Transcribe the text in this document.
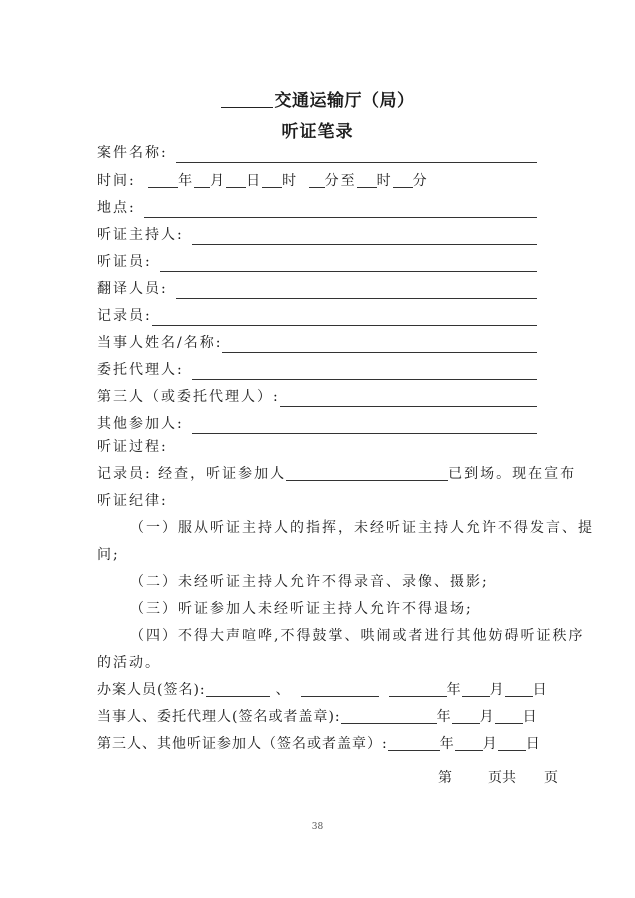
交通运输厅（局）
听证笔录
案件名称:
时间:	年 月 日 时 分至 时 分
地点:
听证主持人:
听证员:
翻译人员:
记录员:
当事人姓名/名称:
委托代理人:
第三人（或委托代理人）:
其他参加人:
听证过程:
记录员: 经查，听证参加人	已到场。现在宣布
听证纪律:
（一）服从听证主持人的指挥，未经听证主持人允许不得发言、提
问;
（二）未经听证主持人允许不得录音、录像、摄影;
（三）听证参加人未经听证主持人允许不得退场;
（四）不得大声喧哗,不得鼓掌、哄闹或者进行其他妨碍听证秩序
的活动。
办案人员(签名):	、	年 月 日
当事人、委托代理人(签名或者盖章):	年 月 日
第三人、其他听证参加人（签名或者盖章）:	年 月 日
第	页共 页
38
